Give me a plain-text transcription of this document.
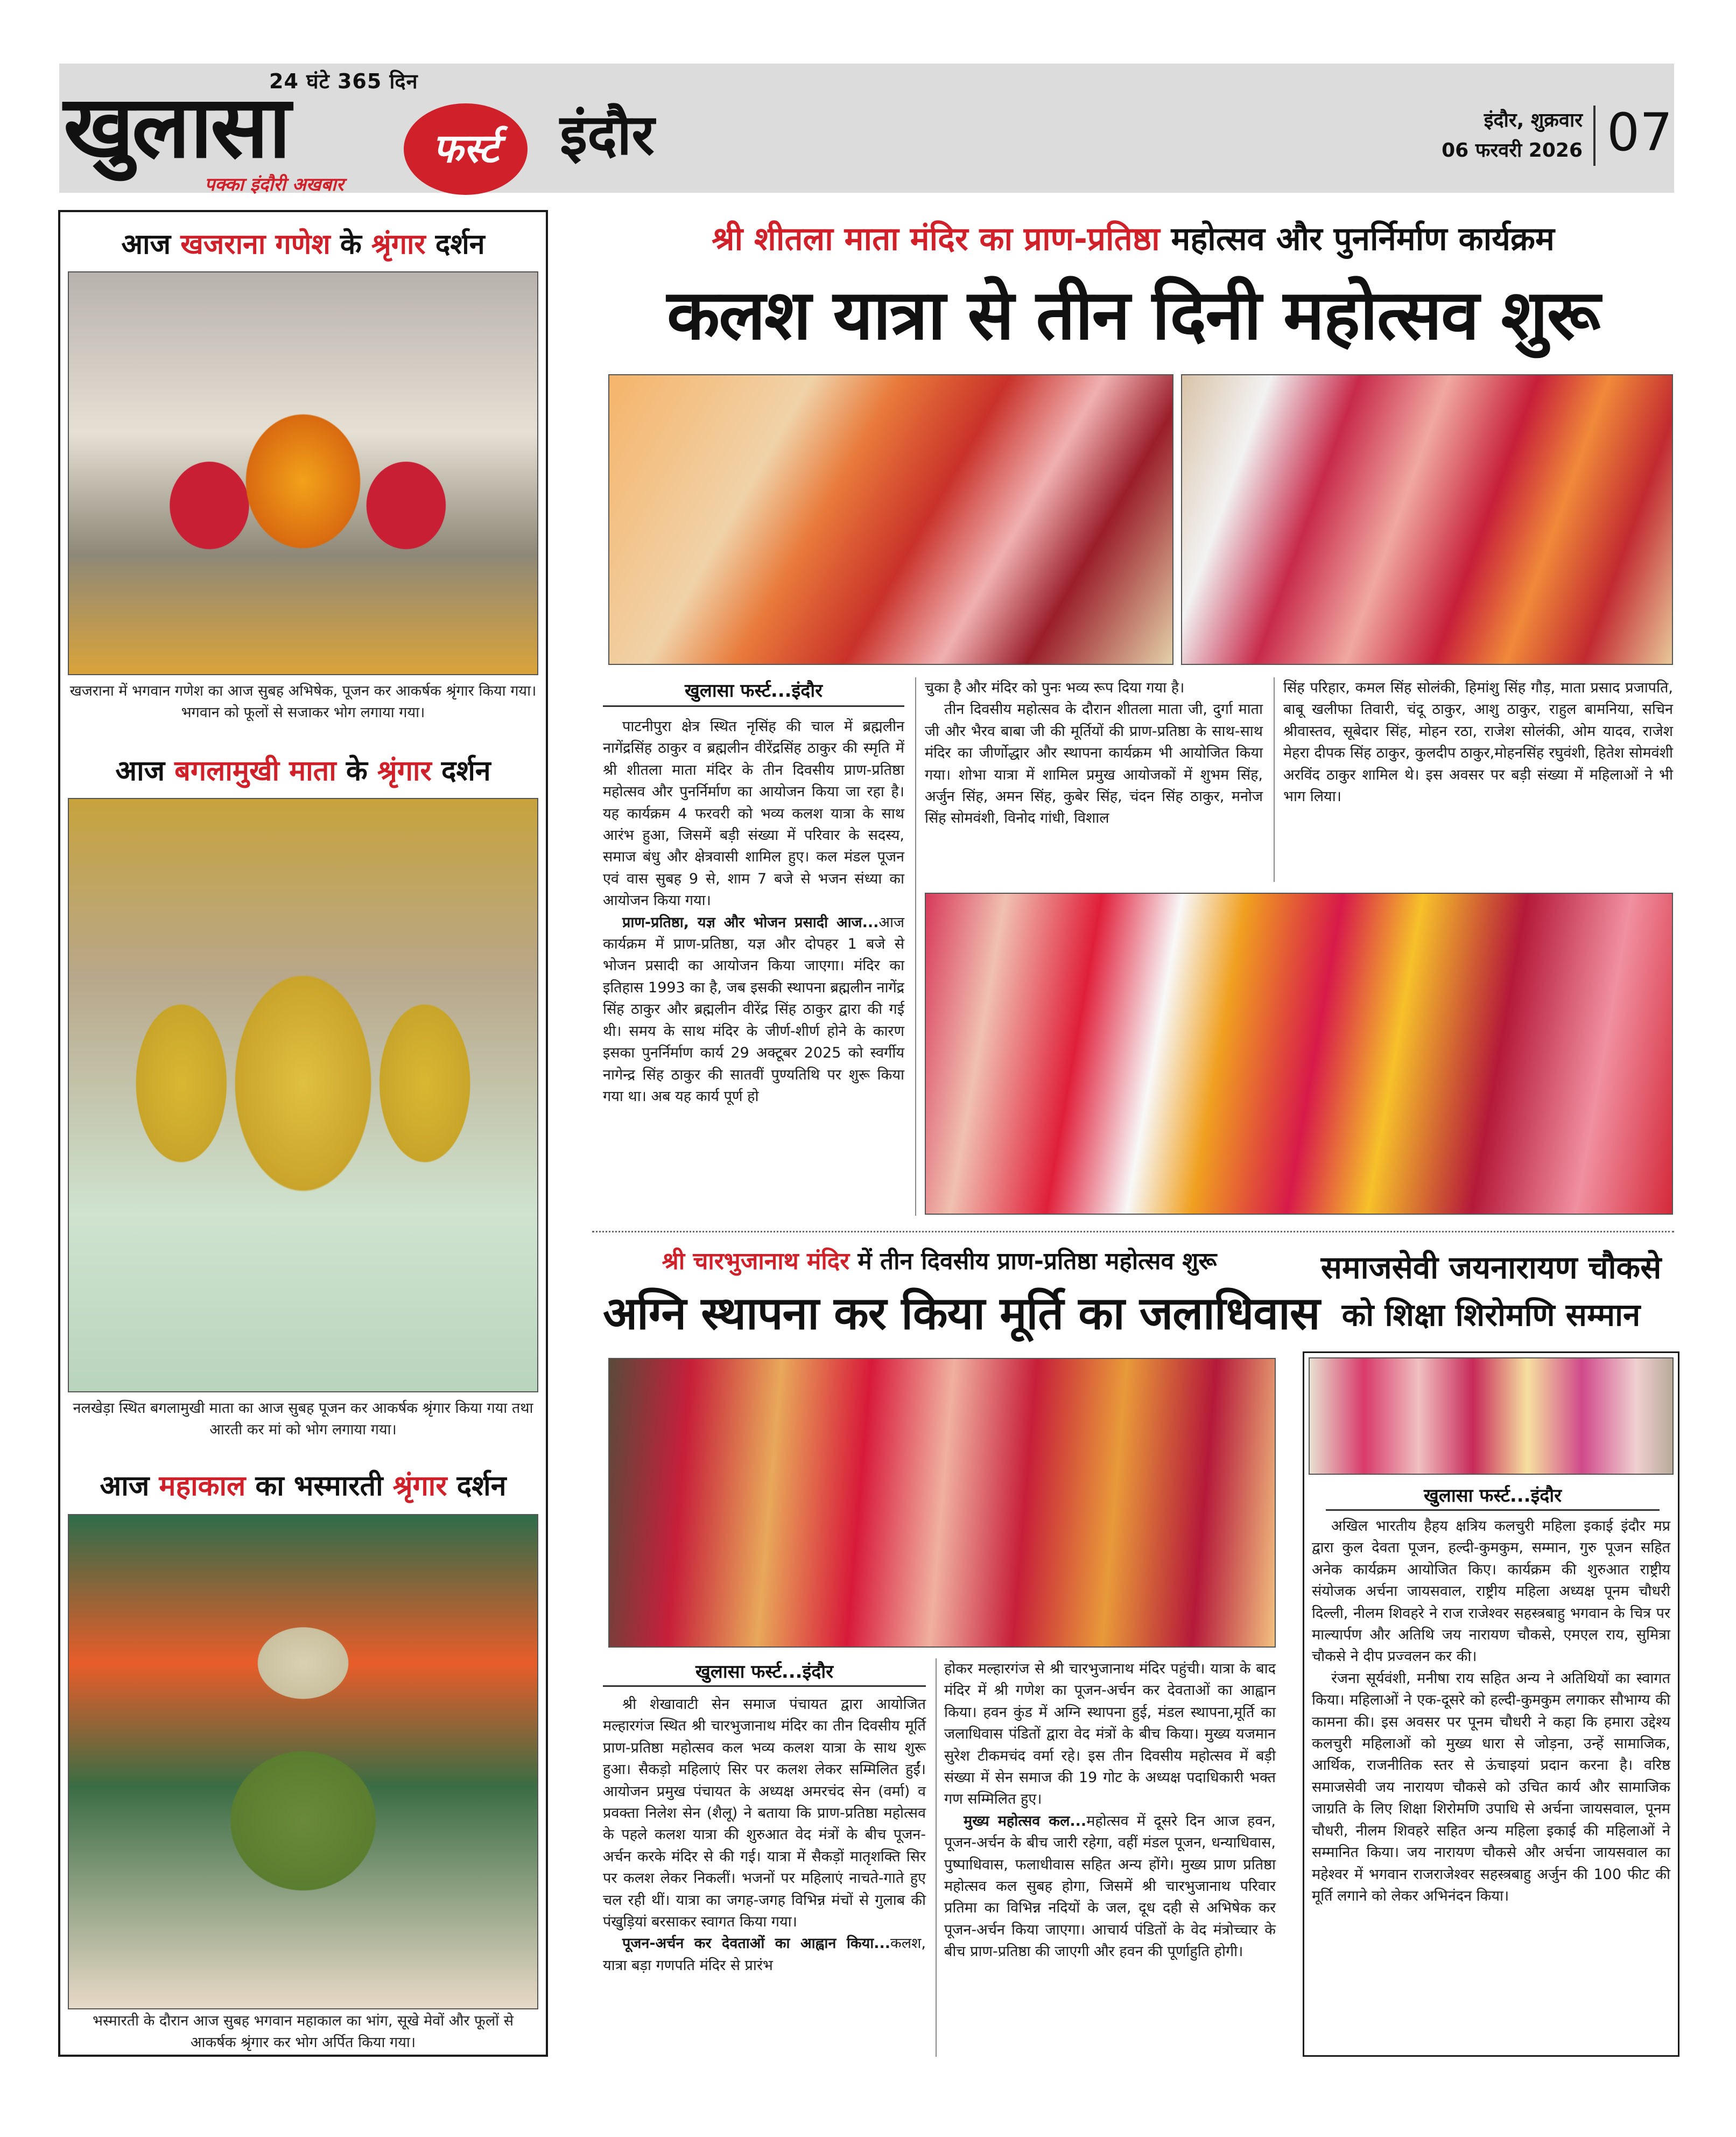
24 घंटे 365 दिन
खुलासा	फर्स्ट
पक्का इंदौरी अखबार
इंदौर	इंदौर, शुक्रवार
06 फरवरी 2026 07
आज खजराना गणेश के श्रृंगार दर्शन
खजराना में भगवान गणेश का आज सुबह अभिषेक, पूजन कर आकर्षक श्रृंगार किया गया। भगवान को फूलों से सजाकर भोग लगाया गया।
आज बगलामुखी माता के श्रृंगार दर्शन
नलखेड़ा स्थित बगलामुखी माता का आज सुबह पूजन कर आकर्षक श्रृंगार किया गया तथा आरती कर मां को भोग लगाया गया।
आज महाकाल का भस्मारती श्रृंगार दर्शन
भस्मारती के दौरान आज सुबह भगवान महाकाल का भांग, सूखे मेवों और फूलों से आकर्षक श्रृंगार कर भोग अर्पित किया गया।
श्री शीतला माता मंदिर का प्राण-प्रतिष्ठा महोत्सव और पुनर्निर्माण कार्यक्रम
कलश यात्रा से तीन दिनी महोत्सव शुरू
खुलासा फर्स्ट...इंदौर

पाटनीपुरा क्षेत्र स्थित नृसिंह की चाल में ब्रह्मलीन नागेंद्रसिंह ठाकुर व ब्रह्मलीन वीरेंद्रसिंह ठाकुर की स्मृति में श्री शीतला माता मंदिर के तीन दिवसीय प्राण-प्रतिष्ठा महोत्सव और पुनर्निर्माण का आयोजन किया जा रहा है। यह कार्यक्रम 4 फरवरी को भव्य कलश यात्रा के साथ आरंभ हुआ, जिसमें बड़ी संख्या में परिवार के सदस्य, समाज बंधु और क्षेत्रवासी शामिल हुए। कल मंडल पूजन एवं वास सुबह 9 से, शाम 7 बजे से भजन संध्या का आयोजन किया गया।

प्राण-प्रतिष्ठा, यज्ञ और भोजन प्रसादी आज...आज कार्यक्रम में प्राण-प्रतिष्ठा, यज्ञ और दोपहर 1 बजे से भोजन प्रसादी का आयोजन किया जाएगा। मंदिर का इतिहास 1993 का है, जब इसकी स्थापना ब्रह्मलीन नागेंद्र सिंह ठाकुर और ब्रह्मलीन वीरेंद्र सिंह ठाकुर द्वारा की गई थी। समय के साथ मंदिर के जीर्ण-शीर्ण होने के कारण इसका पुनर्निर्माण कार्य 29 अक्टूबर 2025 को स्वर्गीय नागेन्द्र सिंह ठाकुर की सातवीं पुण्यतिथि पर शुरू किया गया था। अब यह कार्य पूर्ण हो

चुका है और मंदिर को पुनः भव्य रूप दिया गया है।

तीन दिवसीय महोत्सव के दौरान शीतला माता जी, दुर्गा माता जी और भैरव बाबा जी की मूर्तियों की प्राण-प्रतिष्ठा के साथ-साथ मंदिर का जीर्णोद्धार और स्थापना कार्यक्रम भी आयोजित किया गया। शोभा यात्रा में शामिल प्रमुख आयोजकों में शुभम सिंह, अर्जुन सिंह, अमन सिंह, कुबेर सिंह, चंदन सिंह ठाकुर, मनोज सिंह सोमवंशी, विनोद गांधी, विशाल

सिंह परिहार, कमल सिंह सोलंकी, हिमांशु सिंह गौड़, माता प्रसाद प्रजापति, बाबू खलीफा तिवारी, चंदू ठाकुर, आशु ठाकुर, राहुल बामनिया, सचिन श्रीवास्तव, सूबेदार सिंह, मोहन रठा, राजेश सोलंकी, ओम यादव, राजेश मेहरा दीपक सिंह ठाकुर, कुलदीप ठाकुर,मोहनसिंह रघुवंशी, हितेश सोमवंशी अरविंद ठाकुर शामिल थे। इस अवसर पर बड़ी संख्या में महिलाओं ने भी भाग लिया।

श्री चारभुजानाथ मंदिर में तीन दिवसीय प्राण-प्रतिष्ठा महोत्सव शुरू
अग्नि स्थापना कर किया मूर्ति का जलाधिवास
खुलासा फर्स्ट...इंदौर

श्री शेखावाटी सेन समाज पंचायत द्वारा आयोजित मल्हारगंज स्थित श्री चारभुजानाथ मंदिर का तीन दिवसीय मूर्ति प्राण-प्रतिष्ठा महोत्सव कल भव्य कलश यात्रा के साथ शुरू हुआ। सैकड़ो महिलाएं सिर पर कलश लेकर सम्मिलित हुईं।आयोजन प्रमुख पंचायत के अध्यक्ष अमरचंद सेन (वर्मा) व प्रवक्ता निलेश सेन (शैलू) ने बताया कि प्राण-प्रतिष्ठा महोत्सव के पहले कलश यात्रा की शुरुआत वेद मंत्रों के बीच पूजन-अर्चन करके मंदिर से की गई। यात्रा में सैकड़ों मातृशक्ति सिर पर कलश लेकर निकलीं। भजनों पर महिलाएं नाचते-गाते हुए चल रही थीं। यात्रा का जगह-जगह विभिन्न मंचों से गुलाब की पंखुड़ियां बरसाकर स्वागत किया गया।

पूजन-अर्चन कर देवताओं का आह्वान किया...कलश, यात्रा बड़ा गणपति मंदिर से प्रारंभ

होकर मल्हारगंज से श्री चारभुजानाथ मंदिर पहुंची। यात्रा के बाद मंदिर में श्री गणेश का पूजन-अर्चन कर देवताओं का आह्वान किया। हवन कुंड में अग्नि स्थापना हुई, मंडल स्थापना,मूर्ति का जलाधिवास पंडितों द्वारा वेद मंत्रों के बीच किया। मुख्य यजमान सुरेश टीकमचंद वर्मा रहे। इस तीन दिवसीय महोत्सव में बड़ी संख्या में सेन समाज की 19 गोट के अध्यक्ष पदाधिकारी भक्त गण सम्मिलित हुए।

मुख्य महोत्सव कल...महोत्सव में दूसरे दिन आज हवन, पूजन-अर्चन के बीच जारी रहेगा, वहीं मंडल पूजन, धन्याधिवास, पुष्पाधिवास, फलाधीवास सहित अन्य होंगे। मुख्य प्राण प्रतिष्ठा महोत्सव कल सुबह होगा, जिसमें श्री चारभुजानाथ परिवार प्रतिमा का विभिन्न नदियों के जल, दूध दही से अभिषेक कर पूजन-अर्चन किया जाएगा। आचार्य पंडितों के वेद मंत्रोच्चार के बीच प्राण-प्रतिष्ठा की जाएगी और हवन की पूर्णाहुति होगी।

समाजसेवी जयनारायण चौकसे
को शिक्षा शिरोमणि सम्मान
खुलासा फर्स्ट...इंदौर

अखिल भारतीय हैहय क्षत्रिय कलचुरी महिला इकाई इंदौर मप्र द्वारा कुल देवता पूजन, हल्दी-कुमकुम, सम्मान, गुरु पूजन सहित अनेक कार्यक्रम आयोजित किए। कार्यक्रम की शुरुआत राष्ट्रीय संयोजक अर्चना जायसवाल, राष्ट्रीय महिला अध्यक्ष पूनम चौधरी दिल्ली, नीलम शिवहरे ने राज राजेश्वर सहस्त्रबाहु भगवान के चित्र पर माल्यार्पण और अतिथि जय नारायण चौकसे, एमएल राय, सुमित्रा चौकसे ने दीप प्रज्वलन कर की।

रंजना सूर्यवंशी, मनीषा राय सहित अन्य ने अतिथियों का स्वागत किया। महिलाओं ने एक-दूसरे को हल्दी-कुमकुम लगाकर सौभाग्य की कामना की। इस अवसर पर पूनम चौधरी ने कहा कि हमारा उद्देश्य कलचुरी महिलाओं को मुख्य धारा से जोड़ना, उन्हें सामाजिक, आर्थिक, राजनीतिक स्तर से ऊंचाइयां प्रदान करना है। वरिष्ठ समाजसेवी जय नारायण चौकसे को उचित कार्य और सामाजिक जाग्रति के लिए शिक्षा शिरोमणि उपाधि से अर्चना जायसवाल, पूनम चौधरी, नीलम शिवहरे सहित अन्य महिला इकाई की महिलाओं ने सम्मानित किया। जय नारायण चौकसे और अर्चना जायसवाल का महेश्वर में भगवान राजराजेश्वर सहस्त्रबाहु अर्जुन की 100 फीट की मूर्ति लगाने को लेकर अभिनंदन किया।
